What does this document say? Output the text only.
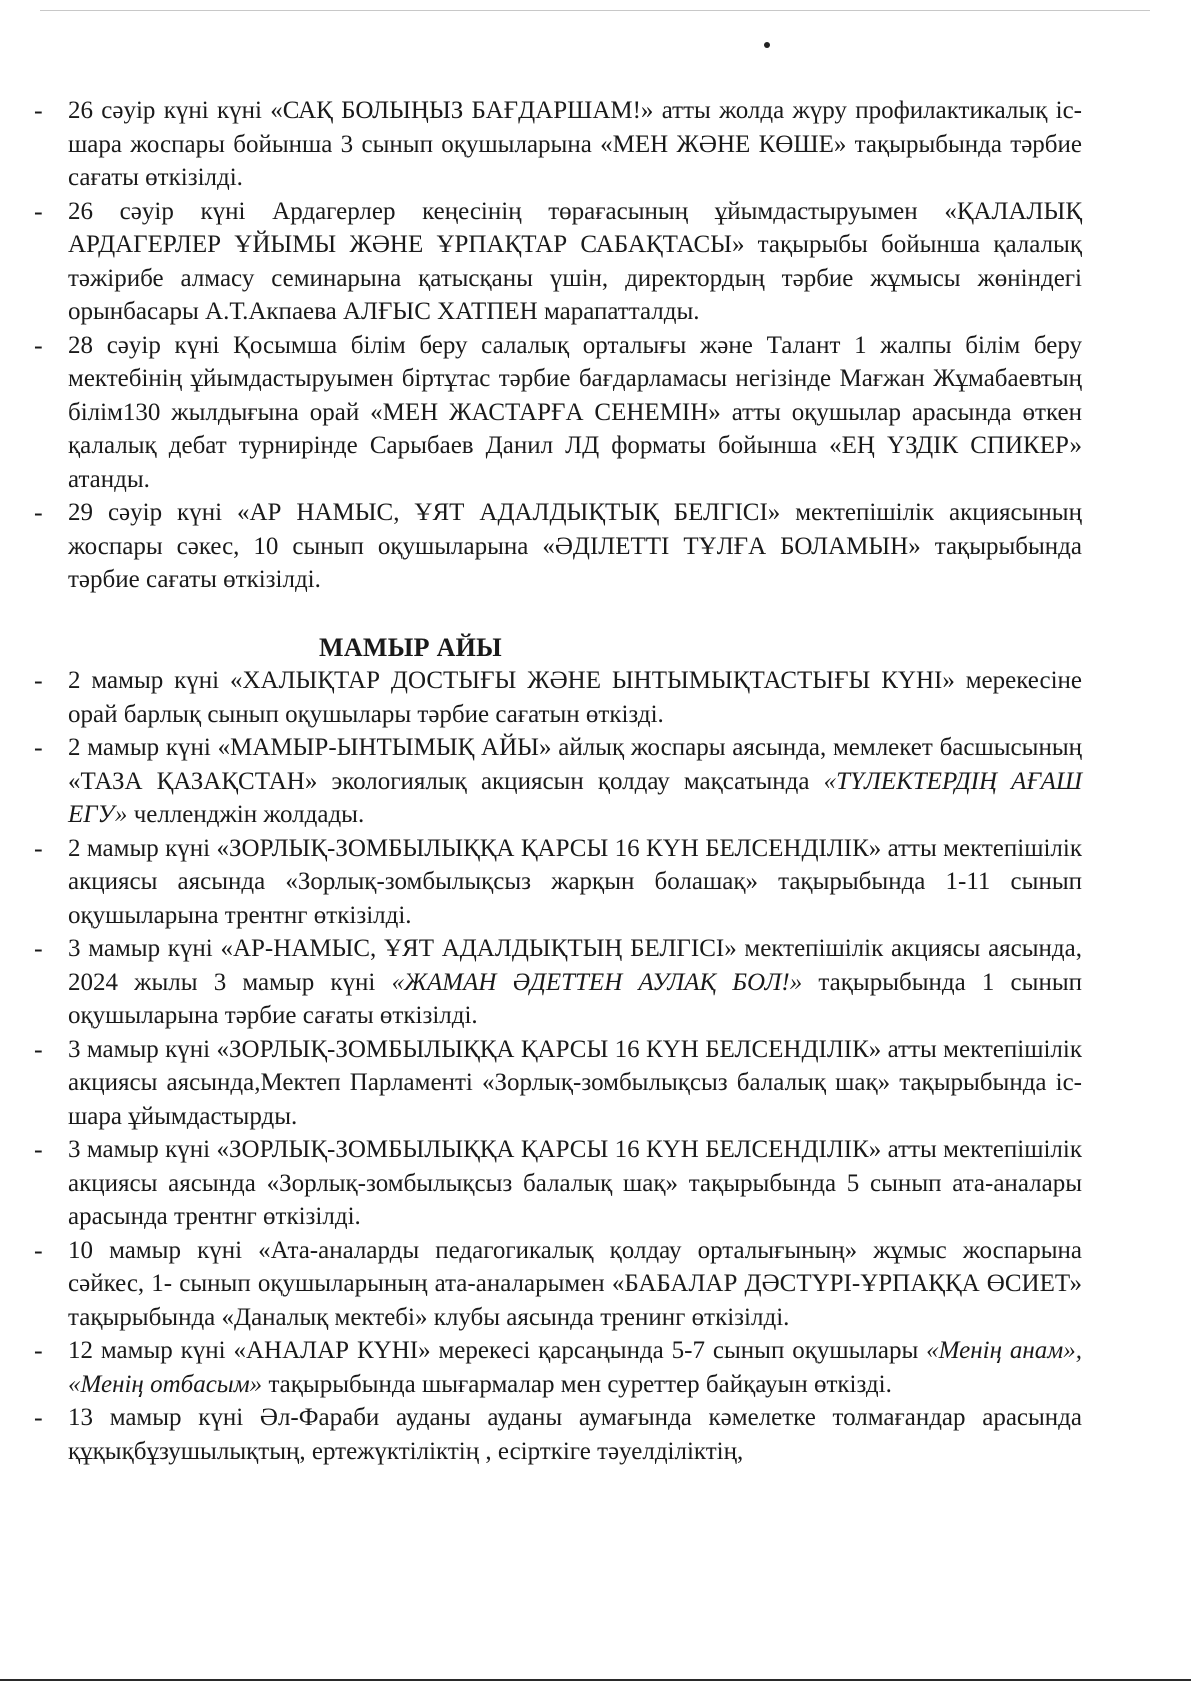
- 26 сәуір күні күні «САҚ БОЛЫҢЫЗ БАҒДАРШАМ!» атты жолда жүру профилактикалық іс-шара жоспары бойынша 3 сынып оқушыларына «МЕН ЖӘНЕ КӨШЕ» тақырыбында тәрбие сағаты өткізілді.

- 26 сәуір күні Ардагерлер кеңесінің төрағасының ұйымдастыруымен «ҚАЛАЛЫҚ АРДАГЕРЛЕР ҰЙЫМЫ ЖӘНЕ ҰРПАҚТАР САБАҚТАСЫ» тақырыбы бойынша қалалық тәжірибе алмасу семинарына қатысқаны үшін, директордың тәрбие жұмысы жөніндегі орынбасары А.Т.Акпаева АЛҒЫС ХАТПЕН марапатталды.

- 28 сәуір күні Қосымша білім беру салалық орталығы және Талант 1 жалпы білім беру мектебінің ұйымдастыруымен біртұтас тәрбие бағдарламасы негізінде Мағжан Жұмабаевтың білім130 жылдығына орай «МЕН ЖАСТАРҒА СЕНЕМІН» атты оқушылар арасында өткен қалалық дебат турнирінде Сарыбаев Данил ЛД форматы бойынша «ЕҢ ҮЗДІК СПИКЕР» атанды.

- 29 сәуір күні «АР НАМЫС, ҰЯТ АДАЛДЫҚТЫҚ БЕЛГІСІ» мектепішілік акциясының жоспары сәкес, 10 сынып оқушыларына «ӘДІЛЕТТІ ТҰЛҒА БОЛАМЫН» тақырыбында тәрбие сағаты өткізілді.

МАМЫР АЙЫ
- 2 мамыр күні «ХАЛЫҚТАР ДОСТЫҒЫ ЖӘНЕ ЫНТЫМЫҚТАСТЫҒЫ КҮНІ» мерекесіне орай барлық сынып оқушылары тәрбие сағатын өткізді.

- 2 мамыр күні «МАМЫР-ЫНТЫМЫҚ АЙЫ» айлық жоспары аясында, мемлекет басшысының «ТАЗА ҚАЗАҚСТАН» экологиялық акциясын қолдау мақсатында «ТҮЛЕКТЕРДІҢ АҒАШ ЕГУ» челленджін жолдады.

- 2 мамыр күні «ЗОРЛЫҚ-ЗОМБЫЛЫҚҚА ҚАРСЫ 16 КҮН БЕЛСЕНДІЛІК» атты мектепішілік акциясы аясында «Зорлық-зомбылықсыз жарқын болашақ» тақырыбында 1-11 сынып оқушыларына трентнг өткізілді.

- 3 мамыр күні «АР-НАМЫС, ҰЯТ АДАЛДЫҚТЫҢ БЕЛГІСІ» мектепішілік акциясы аясында, 2024 жылы 3 мамыр күні «ЖАМАН ӘДЕТТЕН АУЛАҚ БОЛ!» тақырыбында 1 сынып оқушыларына тәрбие сағаты өткізілді.

- 3 мамыр күні «ЗОРЛЫҚ-ЗОМБЫЛЫҚҚА ҚАРСЫ 16 КҮН БЕЛСЕНДІЛІК» атты мектепішілік акциясы аясында,Мектеп Парламенті «Зорлық-зомбылықсыз балалық шақ» тақырыбында іс-шара ұйымдастырды.

- 3 мамыр күні «ЗОРЛЫҚ-ЗОМБЫЛЫҚҚА ҚАРСЫ 16 КҮН БЕЛСЕНДІЛІК» атты мектепішілік акциясы аясында «Зорлық-зомбылықсыз балалық шақ» тақырыбында 5 сынып ата-аналары арасында трентнг өткізілді.

- 10 мамыр күні «Ата-аналарды педагогикалық қолдау орталығының» жұмыс жоспарына сәйкес, 1- сынып оқушыларының ата-аналарымен «БАБАЛАР ДӘСТҮРІ-ҰРПАҚҚА ӨСИЕТ» тақырыбында «Даналық мектебі» клубы аясында тренинг өткізілді.

- 12 мамыр күні «АНАЛАР КҮНІ» мерекесі қарсаңында 5-7 сынып оқушылары «Менің анам», «Менің отбасым» тақырыбында шығармалар мен суреттер байқауын өткізді.

- 13 мамыр күні Әл-Фараби ауданы ауданы аумағында кәмелетке толмағандар арасында құқықбұзушылықтың, ертежүктіліктің , есірткіге тәуелділіктің,
